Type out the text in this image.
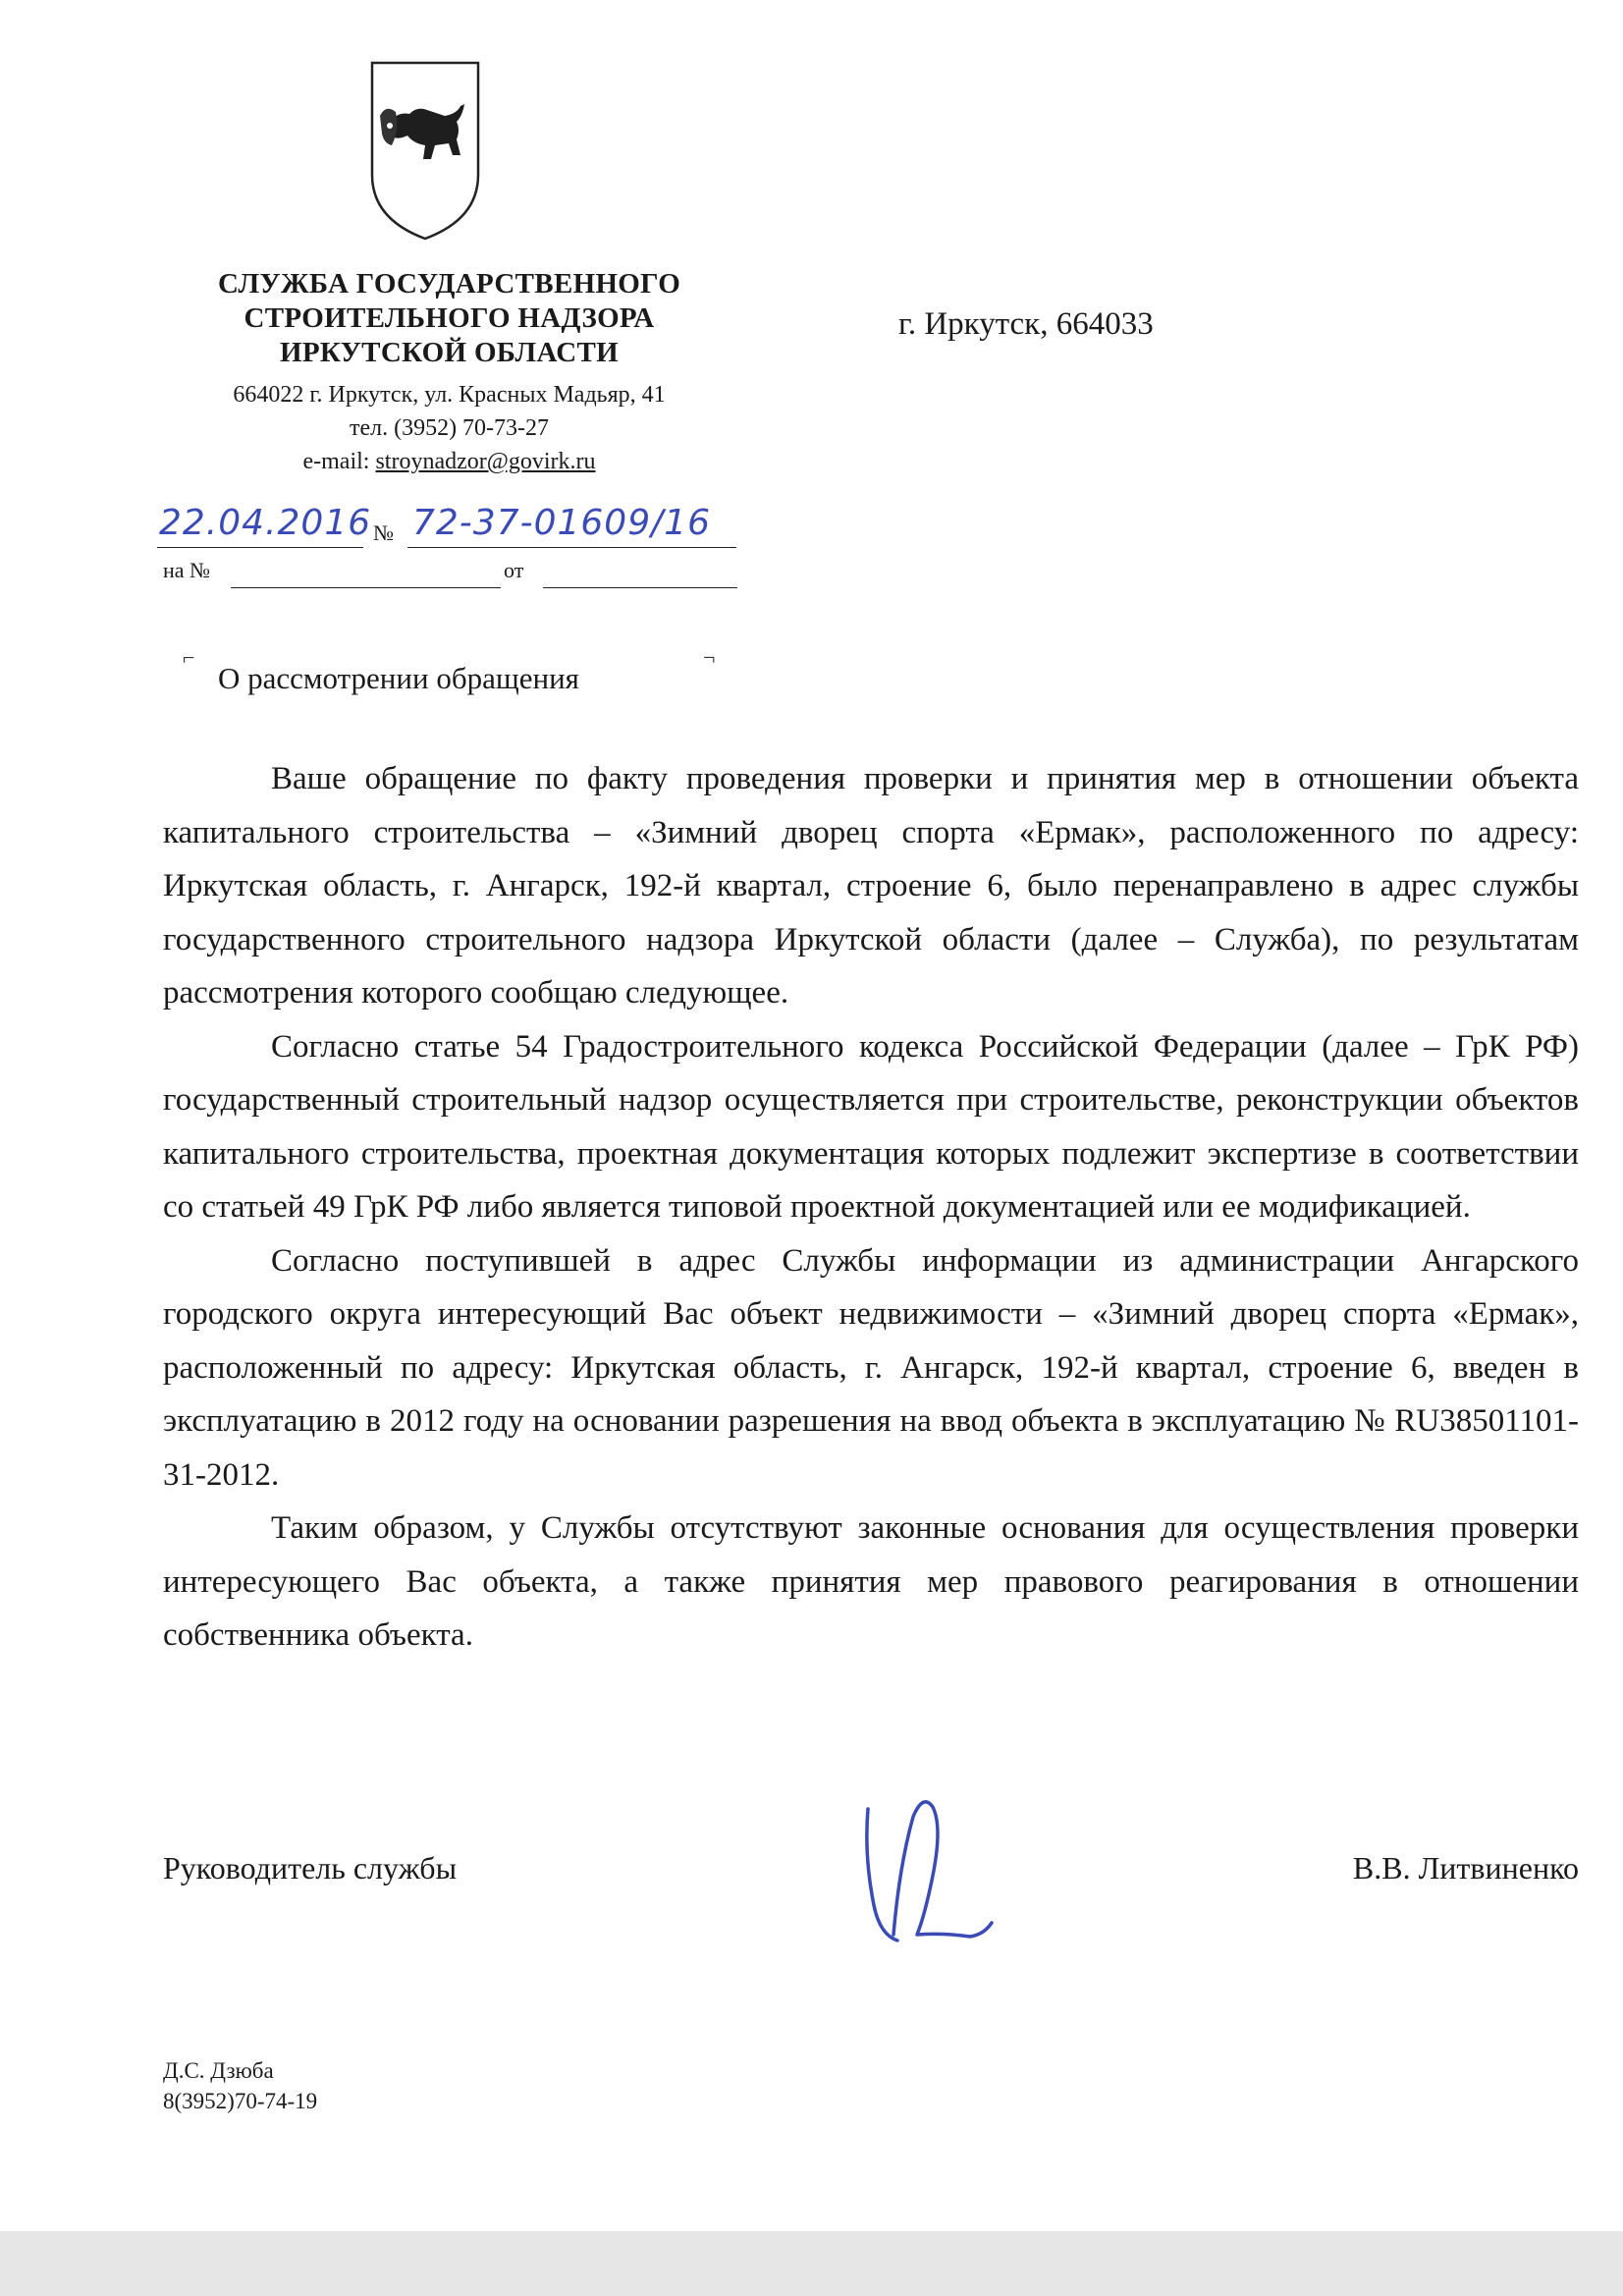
СЛУЖБА ГОСУДАРСТВЕННОГО
СТРОИТЕЛЬНОГО НАДЗОРА
ИРКУТСКОЙ ОБЛАСТИ
664022 г. Иркутск, ул. Красных Мадьяр, 41
тел. (3952) 70-73-27
e-mail: stroynadzor@govirk.ru
г. Иркутск, 664033
22.04.2016 № 72-37-01609/16
на №	от
⌐	¬
О рассмотрении обращения

Ваше обращение по факту проведения проверки и принятия мер в отношении объекта капитального строительства – «Зимний дворец спорта «Ермак», расположенного по адресу: Иркутская область, г. Ангарск, 192-й квартал, строение 6, было перенаправлено в адрес службы государственного строительного надзора Иркутской области (далее – Служба), по результатам рассмотрения которого сообщаю следующее.

Согласно статье 54 Градостроительного кодекса Российской Федерации (далее – ГрК РФ) государственный строительный надзор осуществляется при строительстве, реконструкции объектов капитального строительства, проектная документация которых подлежит экспертизе в соответствии со статьей 49 ГрК РФ либо является типовой проектной документацией или ее модификацией.

Согласно поступившей в адрес Службы информации из администрации Ангарского городского округа интересующий Вас объект недвижимости – «Зимний дворец спорта «Ермак», расположенный по адресу: Иркутская область, г. Ангарск, 192-й квартал, строение 6, введен в эксплуатацию в 2012 году на основании разрешения на ввод объекта в эксплуатацию № RU38501101-31-2012.

Таким образом, у Службы отсутствуют законные основания для осуществления проверки интересующего Вас объекта, а также принятия мер правового реагирования в отношении собственника объекта.

Руководитель службы	В.В. Литвиненко
Д.С. Дзюба
8(3952)70-74-19
